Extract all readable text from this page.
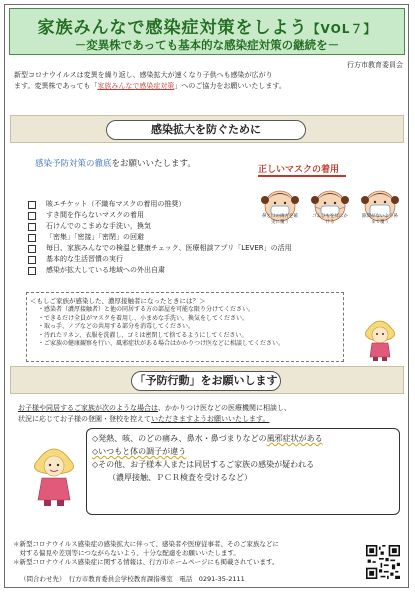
家族みんなで感染症対策をしよう【VOL７】
－変異株であっても基本的な感染症対策の継続を－
行方市教育委員会
新型コロナウイルスは変異を繰り返し、感染拡大が速くなり子供へも感染が広がり
ます。変異株であっても「家族みんなで感染症対策」へのご協力をお願いいたします。
感染拡大を防ぐために
感染予防対策の徹底をお願いいたします。
咳エチケット（不織布マスクの着用の推奨）
すき間を作らないマスクの着用
石けんでのこまめな手洗い，換気
「密集」「密接」「密閉」の回避
毎日、家族みんなでの検温と健康チェック、医療相談アプリ「LEVER」の活用
基本的な生活習慣の実行
感染が拡大している地域への外出自粛
正しいマスクの着用
鼻と口の両方を確実に覆う
ゴムひもを耳にかける
隙間がないよう鼻まで覆う
＜もしご家族が感染した、濃厚接触者になったときには？＞
・感染者（濃厚接触者）と他の同居する方の部屋を可能な限り分けてください。
・できるだけ全員がマスクを着用し、小まめな手洗い，換気をしてください。
・取っ手、ノブなどの共用する部分を消毒してください。
・汚れたリネン、衣服を洗濯し、ゴミは密閉して捨てるようにしてください。
・ご家族の健康観察を行い、風邪症状がある場合はかかりつけ医などに相談してください。
「予防行動」をお願いします
お子様や同居するご家族が次のような場合は、かかりつけ医などの医療機関に相談し、
状況に応じてお子様の登園・登校を控えていただきますようお願いいたします。
◇発熱、咳、のどの痛み、鼻水・鼻づまりなどの風邪症状がある
◇いつもと体の調子が違う
◇その他、お子様本人または同居するご家族の感染が疑われる
（濃厚接触、ＰＣＲ検査を受けるなど）
＊新型コロナウイルス感染症の感染拡大に伴って、感染者や医療従事者、そのご家族などに
　対する偏見や差別等につながらないよう、十分な配慮をお願いいたします。
＊新型コロナウイルス感染症に関する情報は、行方市ホームページにも掲載されています。
（問合わせ先）　 行方市教育委員会学校教育課指導室　 電話　 0291-35-2111
